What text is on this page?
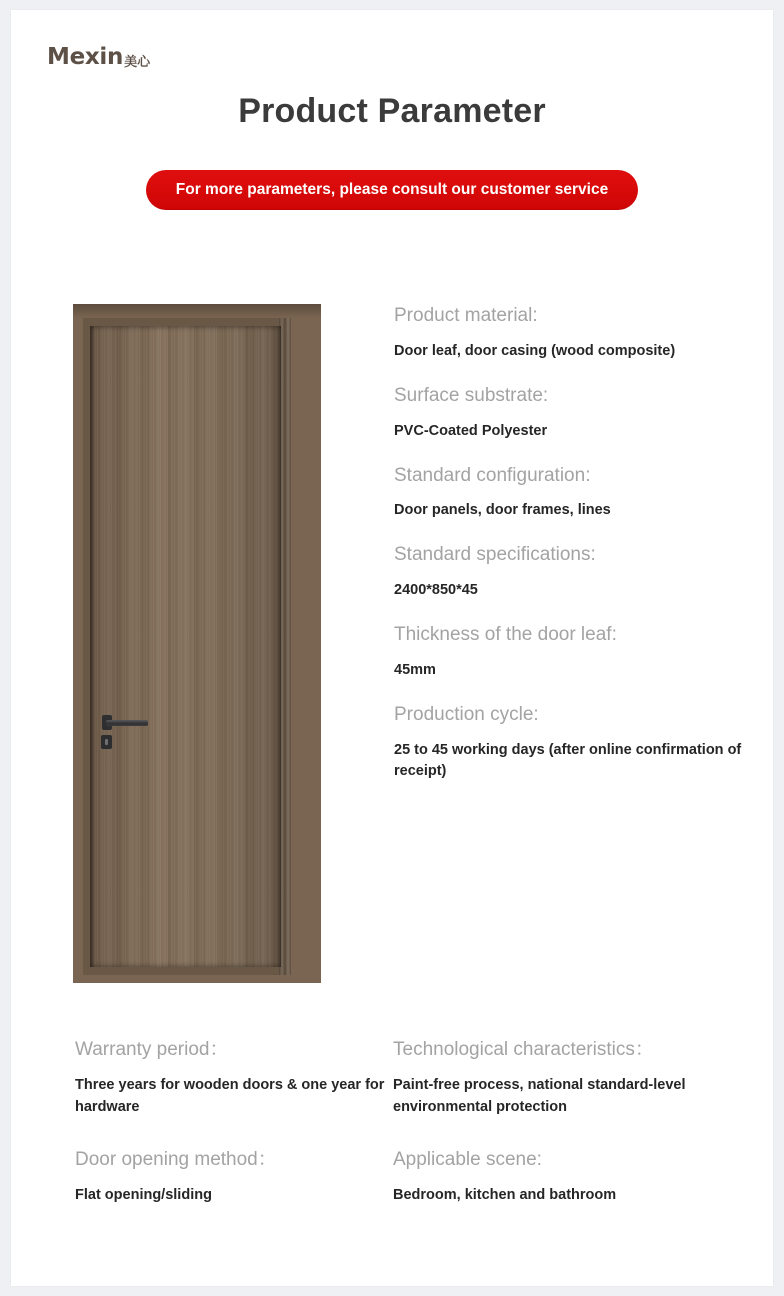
Mexin 美心
Product Parameter
For more parameters, please consult our customer service
Product material:
Door leaf, door casing (wood composite)
Surface substrate:
PVC-Coated Polyester
Standard configuration:
Door panels, door frames, lines
Standard specifications:
2400*850*45
Thickness of the door leaf:
45mm
Production cycle:
25 to 45 working days (after online confirmation of receipt)
Warranty period：
Three years for wooden doors & one year for hardware
Technological characteristics：
Paint-free process, national standard-level environmental protection
Door opening method：
Flat opening/sliding
Applicable scene:
Bedroom, kitchen and bathroom
